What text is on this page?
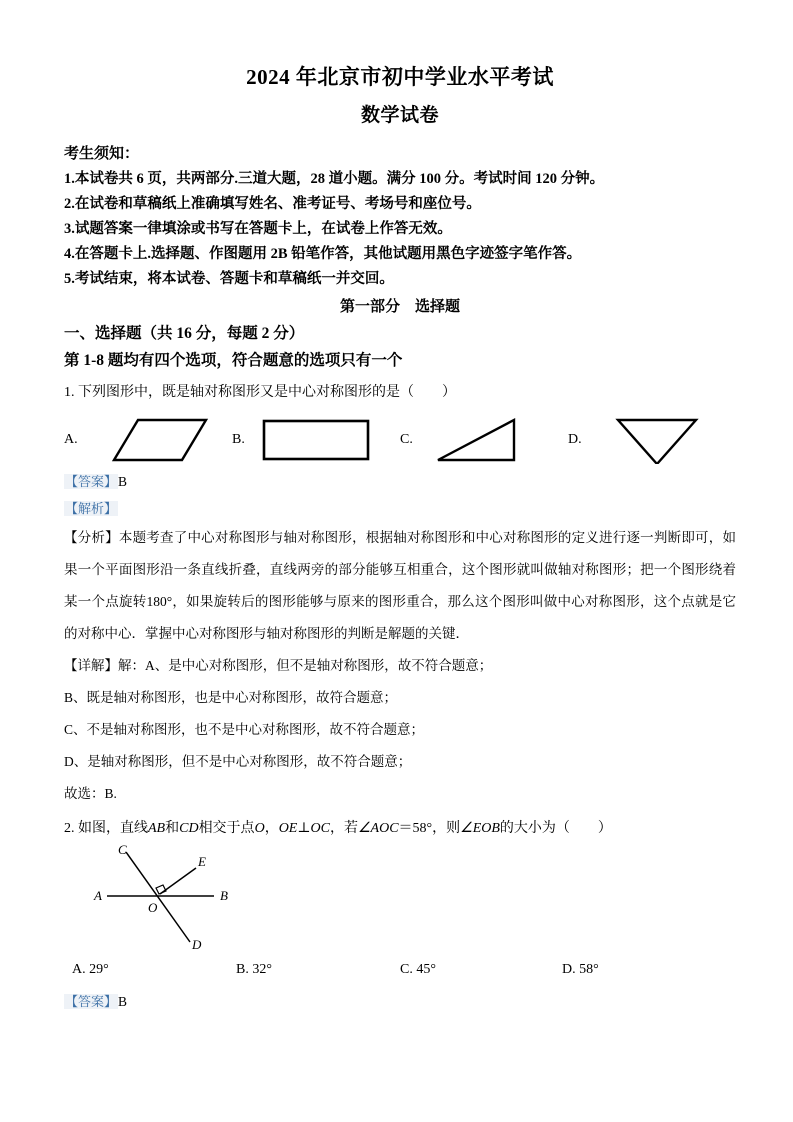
2024 年北京市初中学业水平考试
数学试卷
考生须知：
1.本试卷共 6 页，共两部分.三道大题，28 道小题。满分 100 分。考试时间 120 分钟。
2.在试卷和草稿纸上准确填写姓名、准考证号、考场号和座位号。
3.试题答案一律填涂或书写在答题卡上，在试卷上作答无效。
4.在答题卡上.选择题、作图题用 2B 铅笔作答，其他试题用黑色字迹签字笔作答。
5.考试结束，将本试卷、答题卡和草稿纸一并交回。
第一部分　选择题
一、选择题（共 16 分，每题 2 分）
第 1-8 题均有四个选项，符合题意的选项只有一个
1. 下列图形中，既是轴对称图形又是中心对称图形的是（　　）
A.	B.	C.	D.
【答案】B
【解析】
【分析】本题考查了中心对称图形与轴对称图形，根据轴对称图形和中心对称图形的定义进行逐一判断即可，如果一个平面图形沿一条直线折叠，直线两旁的部分能够互相重合，这个图形就叫做轴对称图形；把一个图形绕着某一个点旋转180°，如果旋转后的图形能够与原来的图形重合，那么这个图形叫做中心对称图形，这个点就是它的对称中心．掌握中心对称图形与轴对称图形的判断是解题的关键．
【详解】解：A、是中心对称图形，但不是轴对称图形，故不符合题意；
B、既是轴对称图形，也是中心对称图形，故符合题意；
C、不是轴对称图形，也不是中心对称图形，故不符合题意；
D、是轴对称图形，但不是中心对称图形，故不符合题意；
故选：B.
2. 如图，直线AB和CD相交于点O，OE⊥OC，若∠AOC＝58°，则∠EOB的大小为（　　）
A	B
C
D
E
O
A. 29°	B. 32°	C. 45°	D. 58°
【答案】B
